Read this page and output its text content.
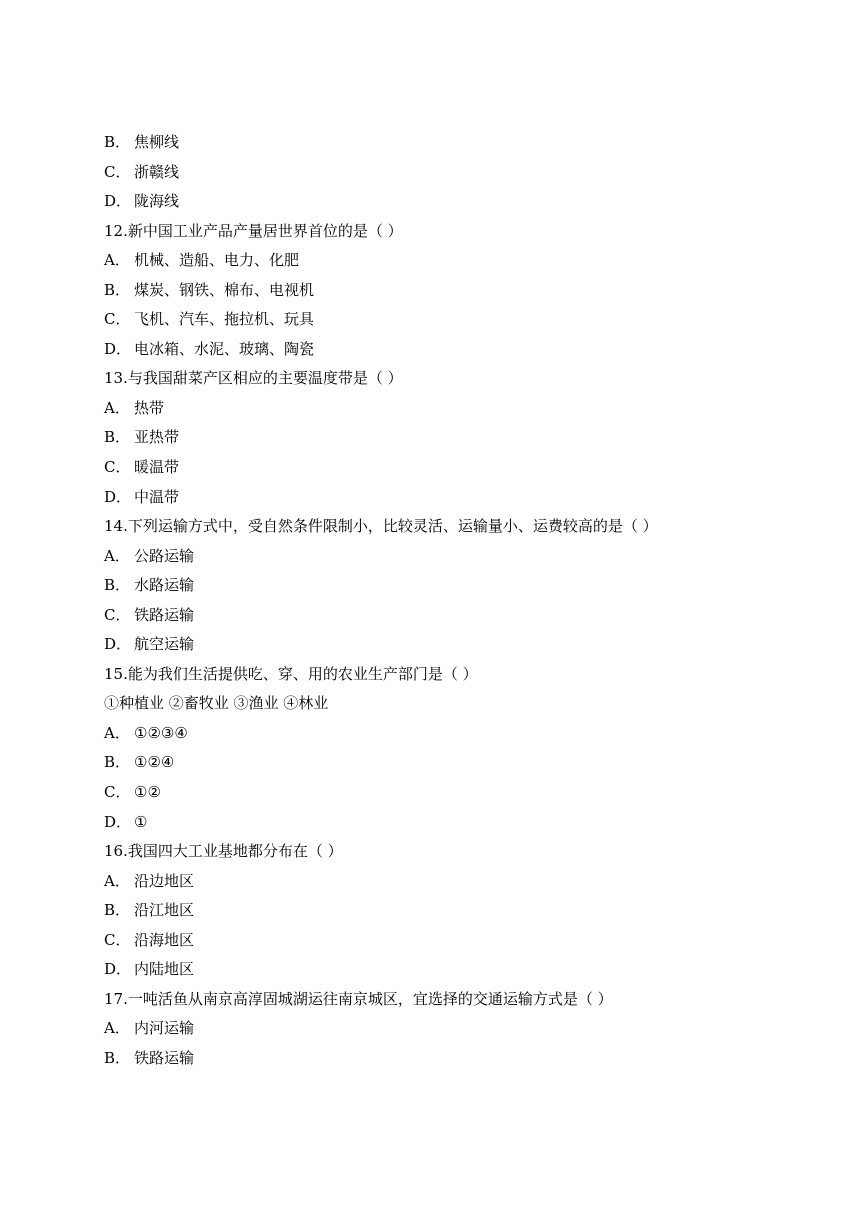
B． 焦柳线
C． 浙赣线
D． 陇海线
12.新中国工业产品产量居世界首位的是（ ）
A． 机械、造船、电力、化肥
B． 煤炭、钢铁、棉布、电视机
C． 飞机、汽车、拖拉机、玩具
D． 电冰箱、水泥、玻璃、陶瓷
13.与我国甜菜产区相应的主要温度带是（ ）
A． 热带
B． 亚热带
C． 暖温带
D． 中温带
14.下列运输方式中，受自然条件限制小，比较灵活、运输量小、运费较高的是（ ）
A． 公路运输
B． 水路运输
C． 铁路运输
D． 航空运输
15.能为我们生活提供吃、穿、用的农业生产部门是（ ）
①种植业 ②畜牧业 ③渔业 ④林业
A． ①②③④
B． ①②④
C． ①②
D． ①
16.我国四大工业基地都分布在（ ）
A． 沿边地区
B． 沿江地区
C． 沿海地区
D． 内陆地区
17.一吨活鱼从南京高淳固城湖运往南京城区，宜选择的交通运输方式是（ ）
A． 内河运输
B． 铁路运输
